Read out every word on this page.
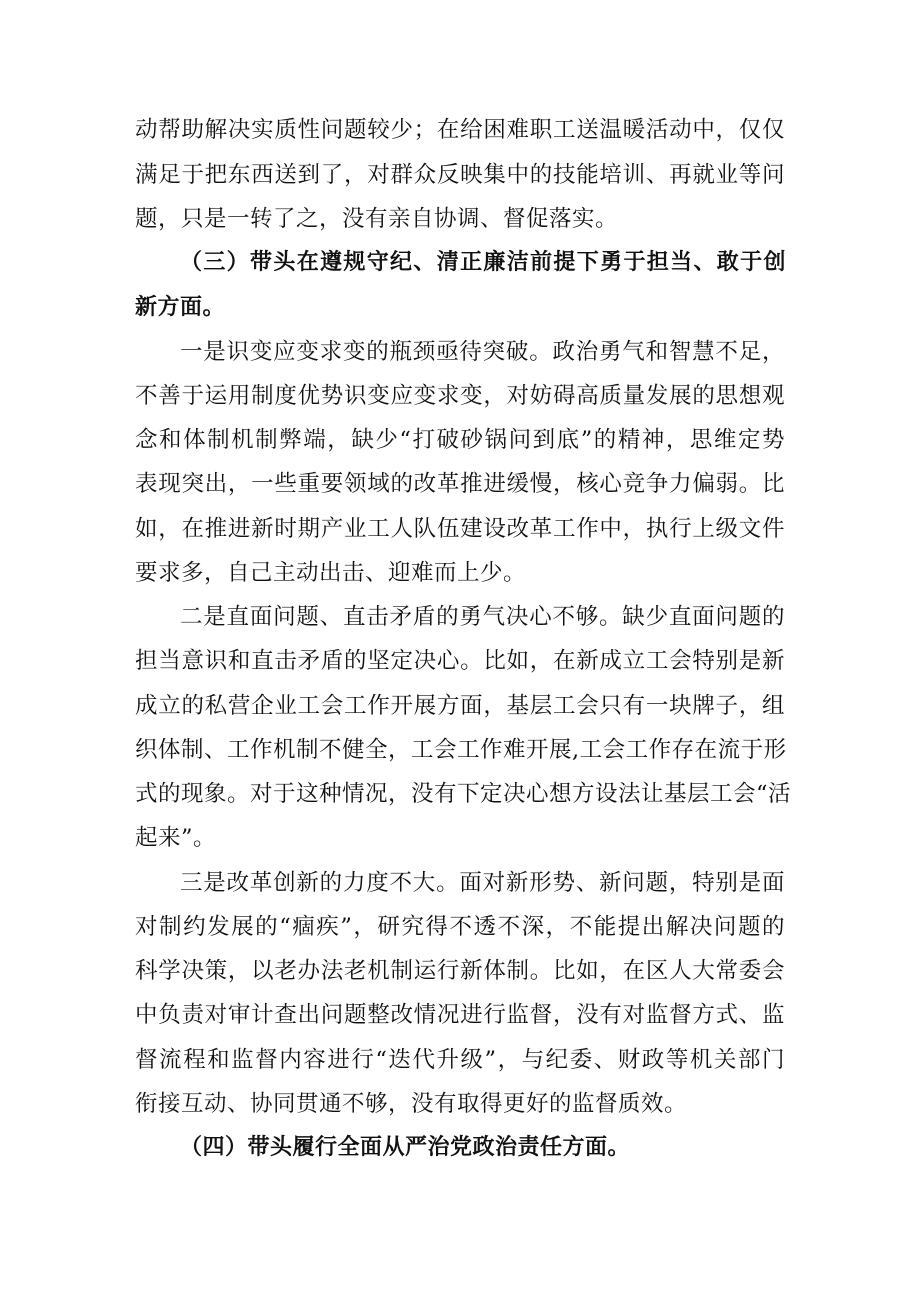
动帮助解决实质性问题较少；在给困难职工送温暖活动中，仅仅
满足于把东西送到了，对群众反映集中的技能培训、再就业等问
题，只是一转了之，没有亲自协调、督促落实。
（三）带头在遵规守纪、清正廉洁前提下勇于担当、敢于创
新方面。
一是识变应变求变的瓶颈亟待突破。政治勇气和智慧不足，
不善于运用制度优势识变应变求变，对妨碍高质量发展的思想观
念和体制机制弊端，缺少“打破砂锅问到底”的精神，思维定势
表现突出，一些重要领域的改革推进缓慢，核心竞争力偏弱。比
如，在推进新时期产业工人队伍建设改革工作中，执行上级文件
要求多，自己主动出击、迎难而上少。
二是直面问题、直击矛盾的勇气决心不够。缺少直面问题的
担当意识和直击矛盾的坚定决心。比如，在新成立工会特别是新
成立的私营企业工会工作开展方面，基层工会只有一块牌子，组
织体制、工作机制不健全，工会工作难开展,工会工作存在流于形
式的现象。对于这种情况，没有下定决心想方设法让基层工会“活
起来”。
三是改革创新的力度不大。面对新形势、新问题，特别是面
对制约发展的“痼疾”，研究得不透不深，不能提出解决问题的
科学决策，以老办法老机制运行新体制。比如，在区人大常委会
中负责对审计查出问题整改情况进行监督，没有对监督方式、监
督流程和监督内容进行“迭代升级”，与纪委、财政等机关部门
衔接互动、协同贯通不够，没有取得更好的监督质效。
（四）带头履行全面从严治党政治责任方面。
